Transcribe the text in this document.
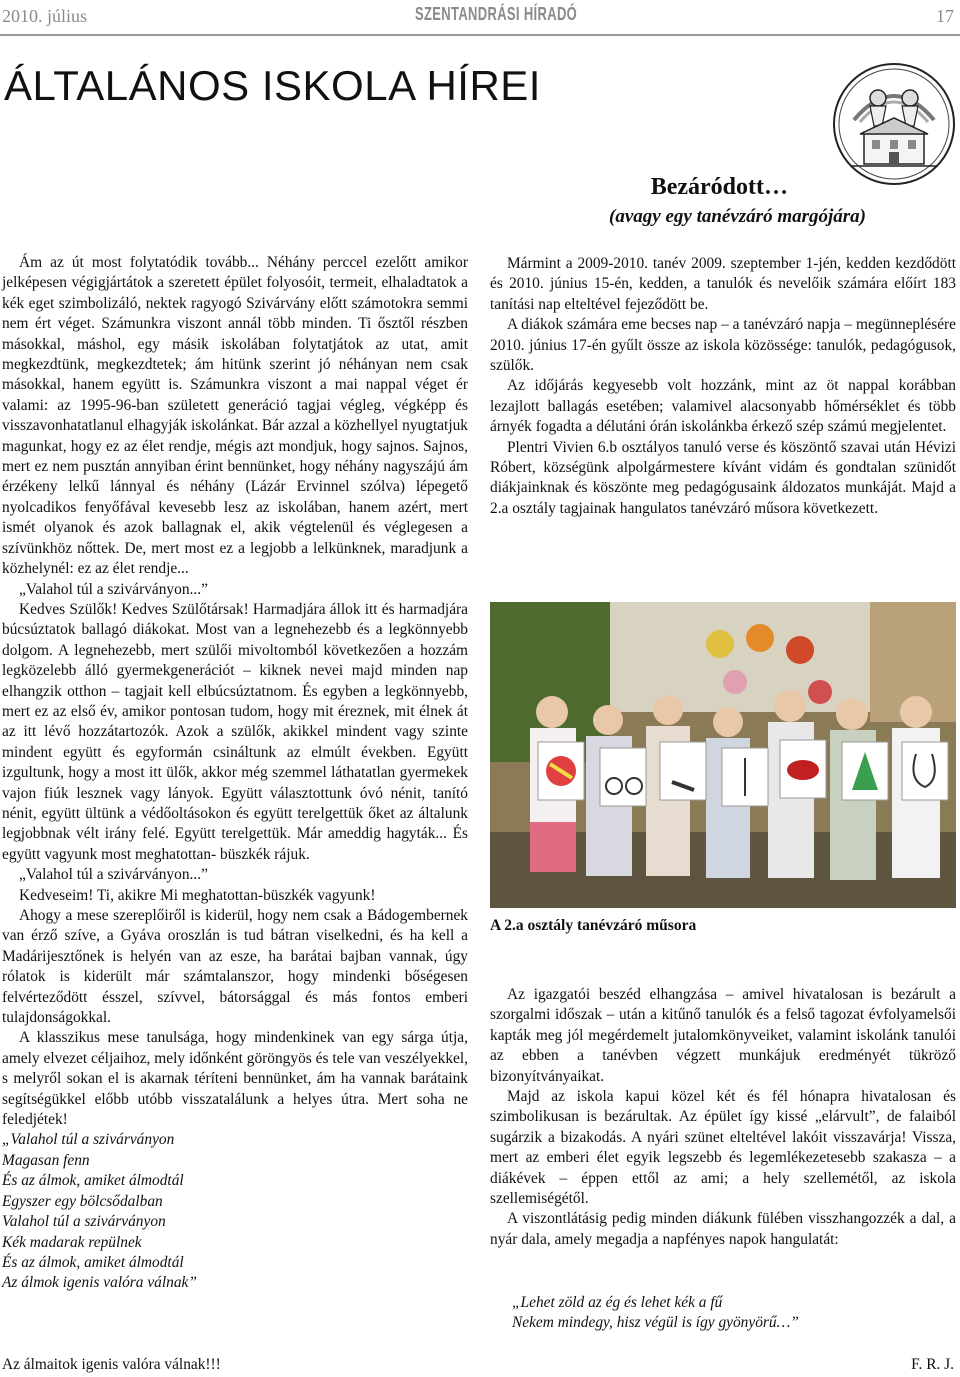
2010. július	SZENTANDRÁSI HÍRADÓ	17
ÁLTALÁNOS ISKOLA HÍREI
Bezáródott…
(avagy egy tanévzáró margójára)

Ám az út most folytatódik tovább... Néhány perccel ezelőtt amikor jelképesen végigjártátok a szeretett épület folyosóit, termeit, elhaladtatok a kék eget szimbolizáló, nektek ragyogó Szivárvány előtt számotokra semmi nem ért véget. Számunkra viszont annál több minden. Ti ősztől részben másokkal, máshol, egy másik iskolában folytatjátok az utat, amit megkezdtünk, megkezdtetek; ám hitünk szerint jó néhányan nem csak másokkal, hanem együtt is. Számunkra viszont a mai nappal véget ér valami: az 1995-96-ban született generáció tagjai végleg, végképp és visszavonhatatlanul elhagyják iskolánkat. Bár azzal a közhellyel nyugtatjuk magunkat, hogy ez az élet rendje, mégis azt mondjuk, hogy sajnos. Sajnos, mert ez nem pusztán annyiban érint bennünket, hogy néhány nagyszájú ám érzékeny lelkű lánnyal és néhány (Lázár Ervinnel szólva) lépegető nyolcadikos fenyőfával kevesebb lesz az iskolában, hanem azért, mert ismét olyanok és azok ballagnak el, akik végtelenül és véglegesen a szívünkhöz nőttek. De, mert most ez a legjobb a lelkünknek, maradjunk a közhelynél: ez az élet rendje...

„Valahol túl a szivárványon...”

Kedves Szülők! Kedves Szülőtársak! Harmadjára állok itt és harmadjára búcsúztatok ballagó diákokat. Most van a legnehezebb és a legkönnyebb dolgom. A legnehezebb, mert szülői mivoltomból következően a hozzám legközelebb álló gyermekgenerációt – kiknek nevei majd minden nap elhangzik otthon – tagjait kell elbúcsúztatnom. És egyben a legkönnyebb, mert ez az első év, amikor pontosan tudom, hogy mit éreznek, mit élnek át az itt lévő hozzátartozók. Azok a szülők, akikkel mindent vagy szinte mindent együtt és egyformán csináltunk az elmúlt években. Együtt izgultunk, hogy a most itt ülők, akkor még szemmel láthatatlan gyermekek vajon fiúk lesznek vagy lányok. Együtt választottunk óvó nénit, tanító nénit, együtt ültünk a védőoltásokon és együtt terelgettük őket az általunk legjobbnak vélt irány felé. Együtt terelgettük. Már ameddig hagyták... És együtt vagyunk most meghatottan- büszkék rájuk.

„Valahol túl a szivárványon...”

Kedveseim! Ti, akikre Mi meghatottan-büszkék vagyunk!

Ahogy a mese szereplőiről is kiderül, hogy nem csak a Bádogembernek van érző szíve, a Gyáva oroszlán is tud bátran viselkedni, és ha kell a Madárijesztőnek is helyén van az esze, ha barátai bajban vannak, úgy rólatok is kiderült már számtalanszor, hogy mindenki bőségesen felvérteződött ésszel, szívvel, bátorsággal és más fontos emberi tulajdonságokkal.

A klasszikus mese tanulsága, hogy mindenkinek van egy sárga útja, amely elvezet céljaihoz, mely időnként göröngyös és tele van veszélyekkel, s melyről sokan el is akarnak téríteni bennünket, ám ha vannak barátaink segítségükkel előbb utóbb visszatalálunk a helyes útra. Mert soha ne feledjétek!

„Valahol túl a szivárványon

Magasan fenn

És az álmok, amiket álmodtál

Egyszer egy bölcsődalban

Valahol túl a szivárványon

Kék madarak repülnek

És az álmok, amiket álmodtál

Az álmok igenis valóra válnak”

Mármint a 2009-2010. tanév 2009. szeptember 1-jén, kedden kezdődött és 2010. június 15-én, kedden, a tanulók és nevelőik számára előírt 183 tanítási nap elteltével fejeződött be.

A diákok számára eme becses nap – a tanévzáró napja – megünneplésére 2010. június 17-én gyűlt össze az iskola közössége: tanulók, pedagógusok, szülők.

Az időjárás kegyesebb volt hozzánk, mint az öt nappal korábban lezajlott ballagás esetében; valamivel alacsonyabb hőmérséklet és több árnyék fogadta a délutáni órán iskolánkba érkező szép számú megjelentet.

Plentri Vivien 6.b osztályos tanuló verse és köszöntő szavai után Hévizi Róbert, községünk alpolgármestere kívánt vidám és gondtalan szünidőt diákjainknak és köszönte meg pedagógusaink áldozatos munkáját. Majd a 2.a osztály tagjainak hangulatos tanévzáró műsora következett.

A 2.a osztály tanévzáró műsora

Az igazgatói beszéd elhangzása – amivel hivatalosan is bezárult a szorgalmi időszak – után a kitűnő tanulók és a felső tagozat évfolyamelsői kapták meg jól megérdemelt jutalomkönyveiket, valamint iskolánk tanulói az ebben a tanévben végzett munkájuk eredményét tükröző bizonyítványaikat.

Majd az iskola kapui közel két és fél hónapra hivatalosan és szimbolikusan is bezárultak. Az épület így kissé „elárvult”, de falaiból sugárzik a bizakodás. A nyári szünet elteltével lakóit visszavárja! Vissza, mert az emberi élet egyik legszebb és legemlékezetesebb szakasza – a diákévek – éppen ettől az ami; a hely szellemétől, az iskola szellemiségétől.

A viszontlátásig pedig minden diákunk fülében visszhangozzék a dal, a nyár dala, amely megadja a napfényes napok hangulatát:

„Lehet zöld az ég és lehet kék a fű
Nekem mindegy, hisz végül is így gyönyörű…”
Az álmaitok igenis valóra válnak!!!	F. R. J.
